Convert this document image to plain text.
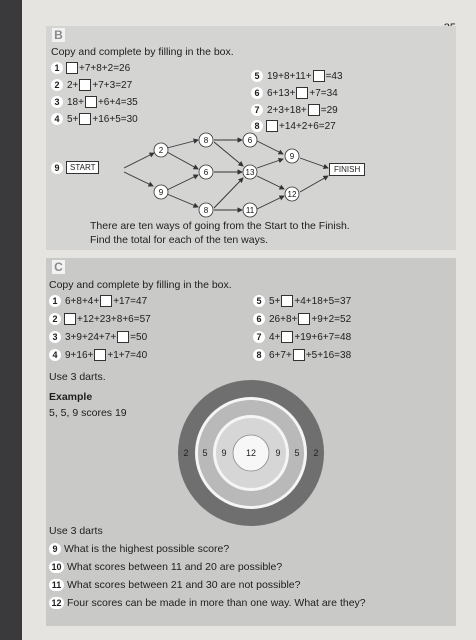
B
Copy and complete by filling in the box.
1	+7+8+2=26
2 2+ +7+3=27
3 18+ +6+4=35
4 5+ +16+5=30
5 19+8+11+ =43
6 6+13+ +7=34
7 2+3+18+ =29
8	+14+2+6=27
9	START	FINISH
2
9
8
6	13
8
6
9
11
12
There are ten ways of going from the Start to the Finish.
Find the total for each of the ten ways.
C
Copy and complete by filling in the box.
1 6+8+4+ +17=47
2	+12+23+8+6=57
3 3+9+24+7+ =50
4 9+16+ +1+7=40
5 5+ +4+18+5=37
6 26+8+ +9+2=52
7 4+ +19+6+7=48
8 6+7+ +5+16=38
Use 3 darts.
Example
5, 5, 9 scores 19
12
9	9
5	5
2	2
Use 3 darts
9 What is the highest possible score?
10 What scores between 11 and 20 are possible?
11 What scores between 21 and 30 are not possible?
12 Four scores can be made in more than one way. What are they?
